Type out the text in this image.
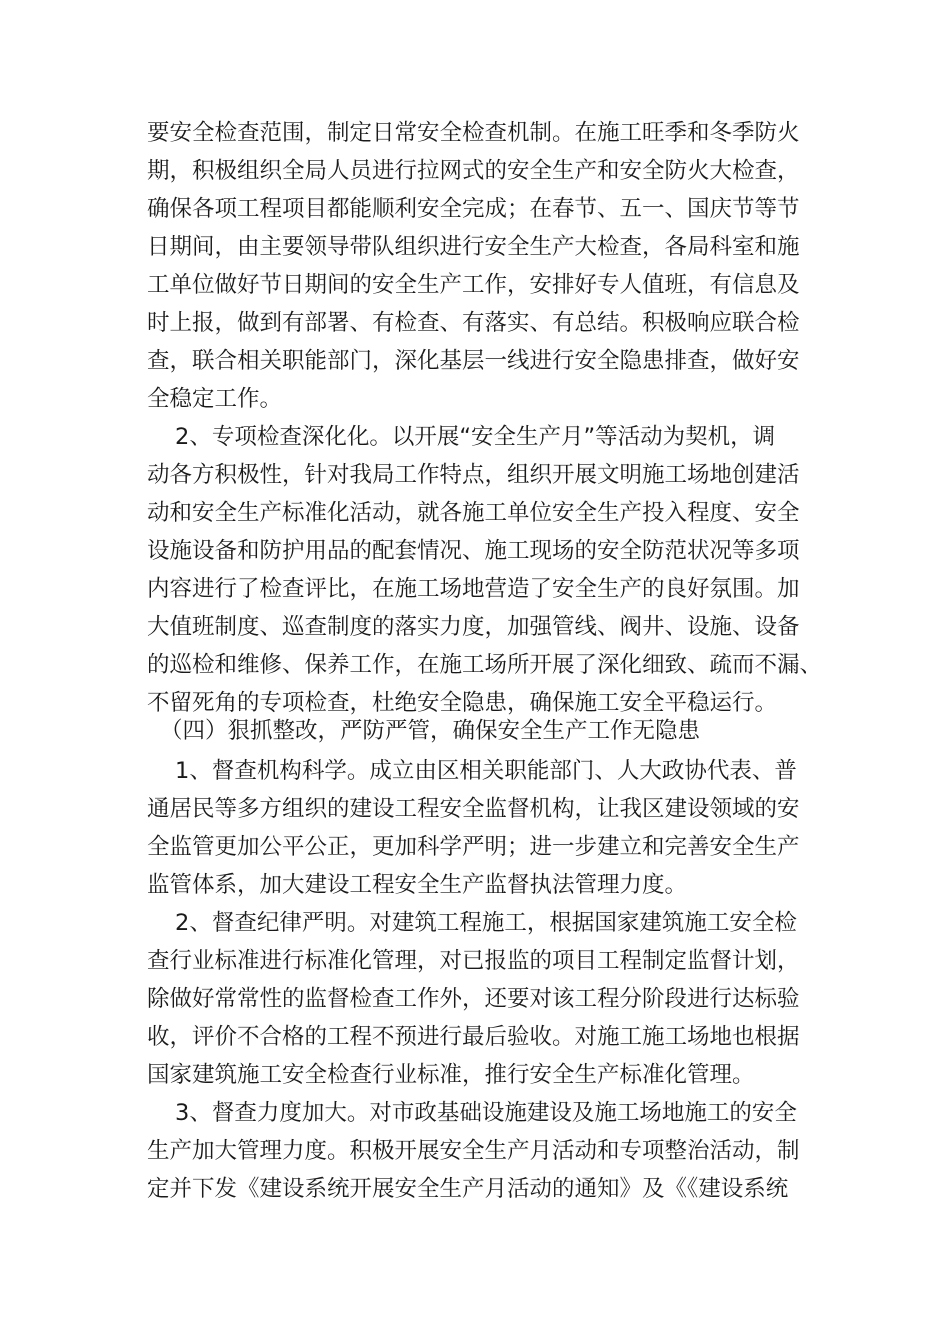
要安全检查范围，制定日常安全检查机制。在施工旺季和冬季防火
期，积极组织全局人员进行拉网式的安全生产和安全防火大检查，
确保各项工程项目都能顺利安全完成；在春节、五一、国庆节等节
日期间，由主要领导带队组织进行安全生产大检查，各局科室和施
工单位做好节日期间的安全生产工作，安排好专人值班，有信息及
时上报，做到有部署、有检查、有落实、有总结。积极响应联合检
查，联合相关职能部门，深化基层一线进行安全隐患排查，做好安
全稳定工作。
2、专项检查深化化。以开展“安全生产月”等活动为契机，调
动各方积极性，针对我局工作特点，组织开展文明施工场地创建活
动和安全生产标准化活动，就各施工单位安全生产投入程度、安全
设施设备和防护用品的配套情况、施工现场的安全防范状况等多项
内容进行了检查评比，在施工场地营造了安全生产的良好氛围。加
大值班制度、巡查制度的落实力度，加强管线、阀井、设施、设备
的巡检和维修、保养工作，在施工场所开展了深化细致、疏而不漏、
不留死角的专项检查，杜绝安全隐患，确保施工安全平稳运行。
（四）狠抓整改，严防严管，确保安全生产工作无隐患
1、督查机构科学。成立由区相关职能部门、人大政协代表、普
通居民等多方组织的建设工程安全监督机构，让我区建设领域的安
全监管更加公平公正，更加科学严明；进一步建立和完善安全生产
监管体系，加大建设工程安全生产监督执法管理力度。
2、督查纪律严明。对建筑工程施工，根据国家建筑施工安全检
查行业标准进行标准化管理，对已报监的项目工程制定监督计划，
除做好常常性的监督检查工作外，还要对该工程分阶段进行达标验
收，评价不合格的工程不预进行最后验收。对施工施工场地也根据
国家建筑施工安全检查行业标准，推行安全生产标准化管理。
3、督查力度加大。对市政基础设施建设及施工场地施工的安全
生产加大管理力度。积极开展安全生产月活动和专项整治活动，制
定并下发《建设系统开展安全生产月活动的通知》及《《建设系统
